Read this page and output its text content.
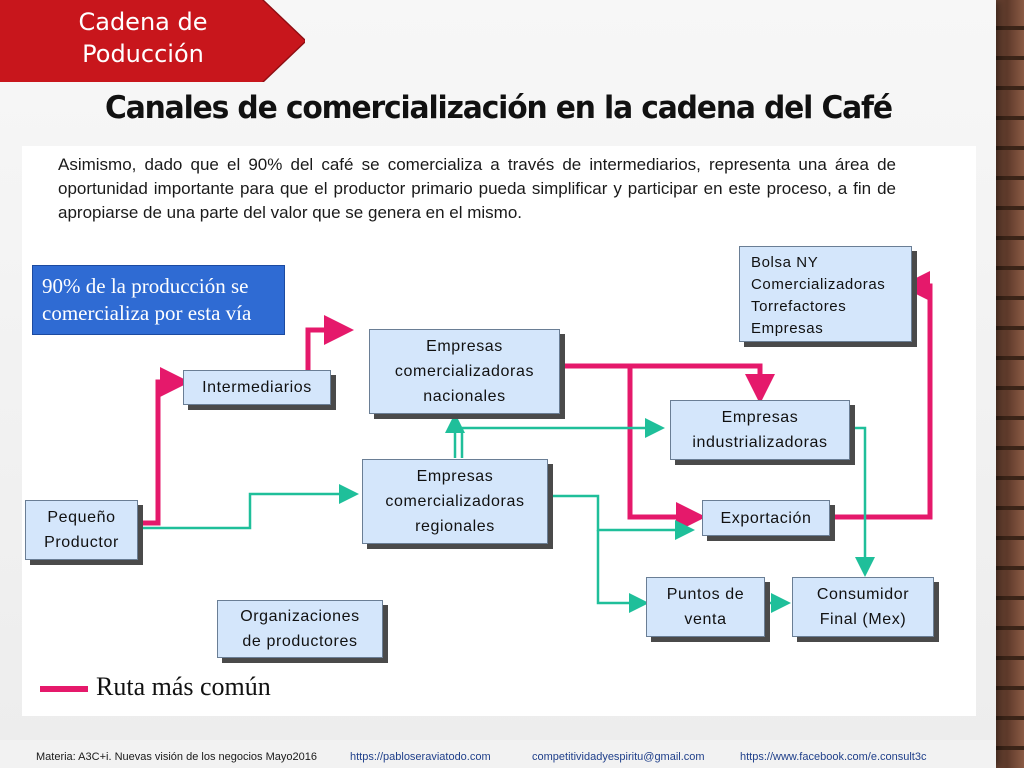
Cadena de
Poducción
Canales de comercialización en la cadena del Café
Asimismo, dado que el 90% del café se comercializa a través de intermediarios, representa una área de oportunidad importante para que el productor primario pueda simplificar y participar en este proceso, a fin de apropiarse de una parte del valor que se genera en el mismo.
90% de la producción se comercializa por esta vía
Pequeño
Productor
Intermediarios
Empresas
comercializadoras
nacionales
Empresas
comercializadoras
regionales
Empresas
industrializadoras
Exportación
Bolsa NY
Comercializadoras
Torrefactores
Empresas
Puntos de
venta
Consumidor
Final (Mex)
Organizaciones
de productores
Ruta más común
Materia: A3C+i. Nuevas visión de los negocios Mayo2016	https://pabloseraviatodo.com	competitividadyespiritu@gmail.com	https://www.facebook.com/e.consult3c
